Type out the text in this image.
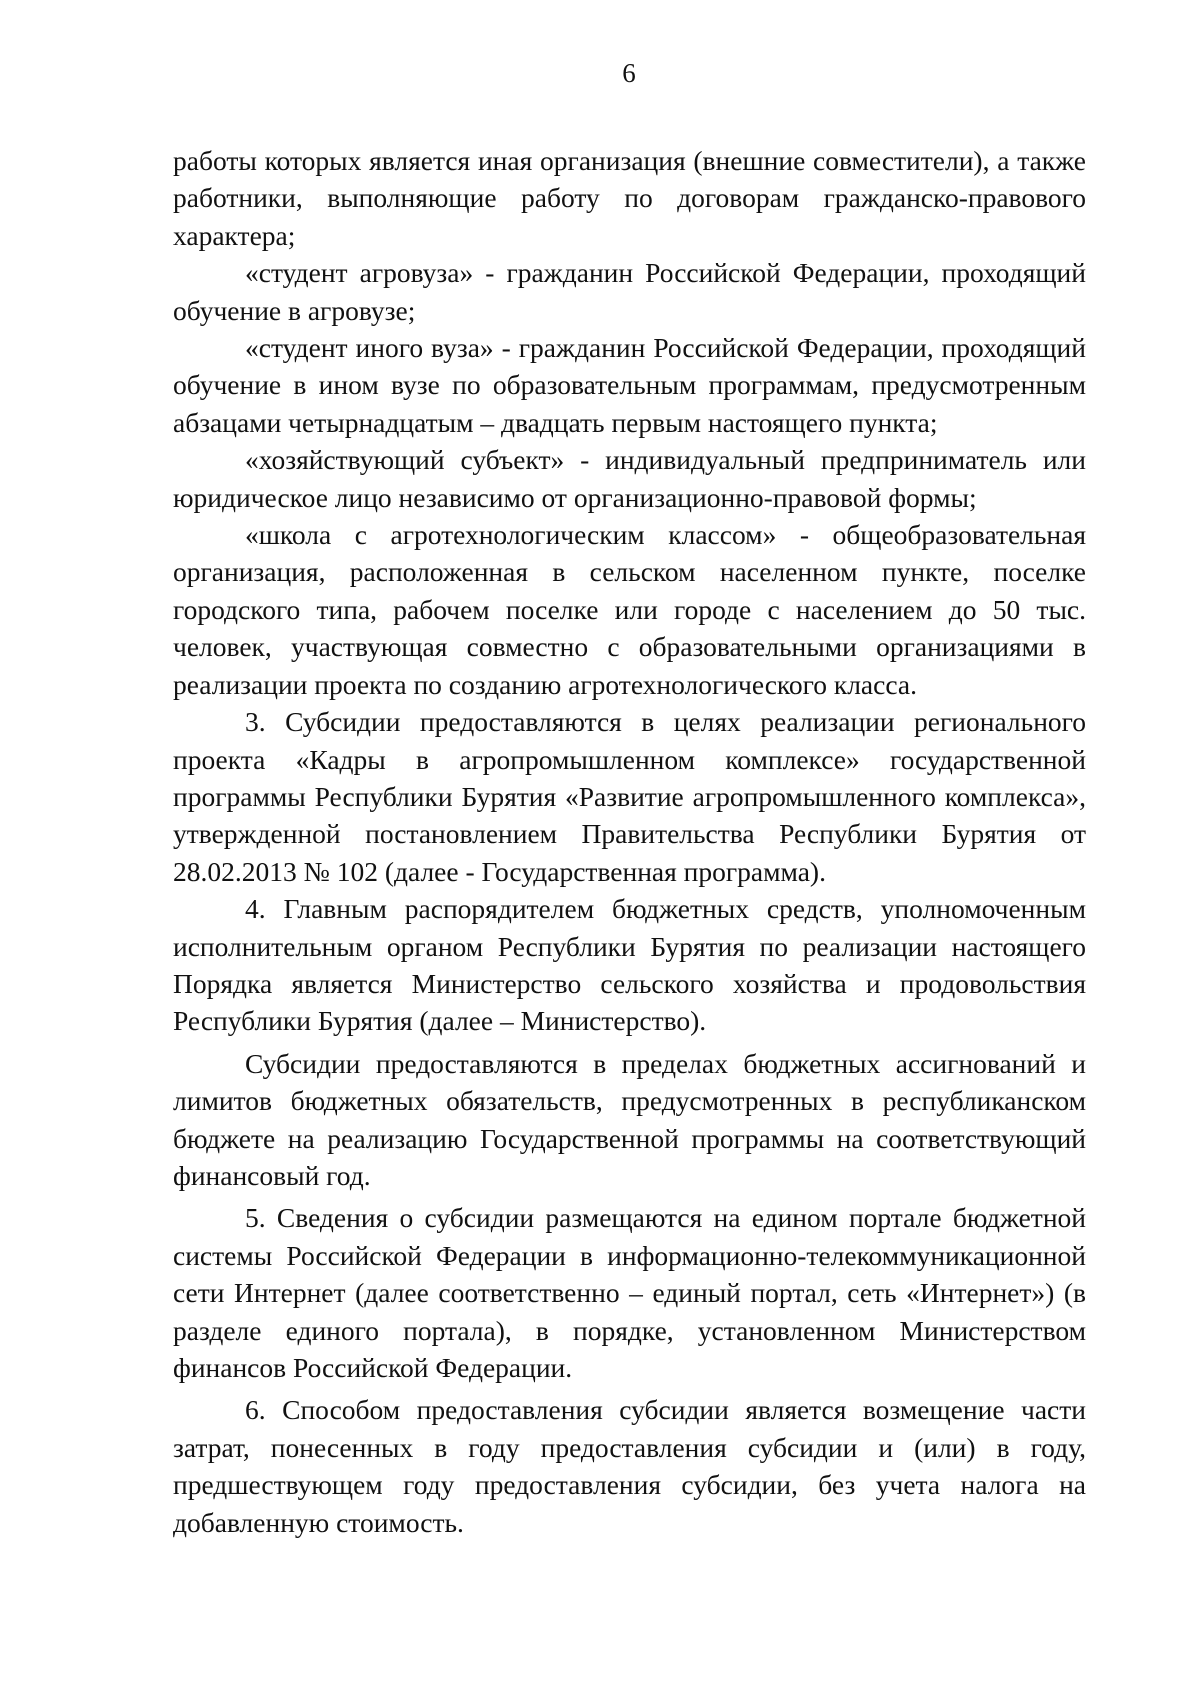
6

работы которых является иная организация (внешние совместители), а также работники, выполняющие работу по договорам гражданско-правового характера;

«студент агровуза» - гражданин Российской Федерации, проходящий обучение в агровузе;

«студент иного вуза» - гражданин Российской Федерации, проходящий обучение в ином вузе по образовательным программам, предусмотренным абзацами четырнадцатым – двадцать первым настоящего пункта;

«хозяйствующий субъект» - индивидуальный предприниматель или юридическое лицо независимо от организационно-правовой формы;

«школа с агротехнологическим классом» - общеобразовательная организация, расположенная в сельском населенном пункте, поселке городского типа, рабочем поселке или городе с населением до 50 тыс. человек, участвующая совместно с образовательными организациями в реализации проекта по созданию агротехнологического класса.

3. Субсидии предоставляются в целях реализации регионального проекта «Кадры в агропромышленном комплексе» государственной программы Республики Бурятия «Развитие агропромышленного комплекса», утвержденной постановлением Правительства Республики Бурятия от 28.02.2013 № 102 (далее - Государственная программа).

4. Главным распорядителем бюджетных средств, уполномоченным исполнительным органом Республики Бурятия по реализации настоящего Порядка является Министерство сельского хозяйства и продовольствия Республики Бурятия (далее – Министерство).

Субсидии предоставляются в пределах бюджетных ассигнований и лимитов бюджетных обязательств, предусмотренных в республиканском бюджете на реализацию Государственной программы на соответствующий финансовый год.

5. Сведения о субсидии размещаются на едином портале бюджетной системы Российской Федерации в информационно-телекоммуникационной сети Интернет (далее соответственно – единый портал, сеть «Интернет») (в разделе единого портала), в порядке, установленном Министерством финансов Российской Федерации.

6. Способом предоставления субсидии является возмещение части затрат, понесенных в году предоставления субсидии и (или) в году, предшествующем году предоставления субсидии, без учета налога на добавленную стоимость.
